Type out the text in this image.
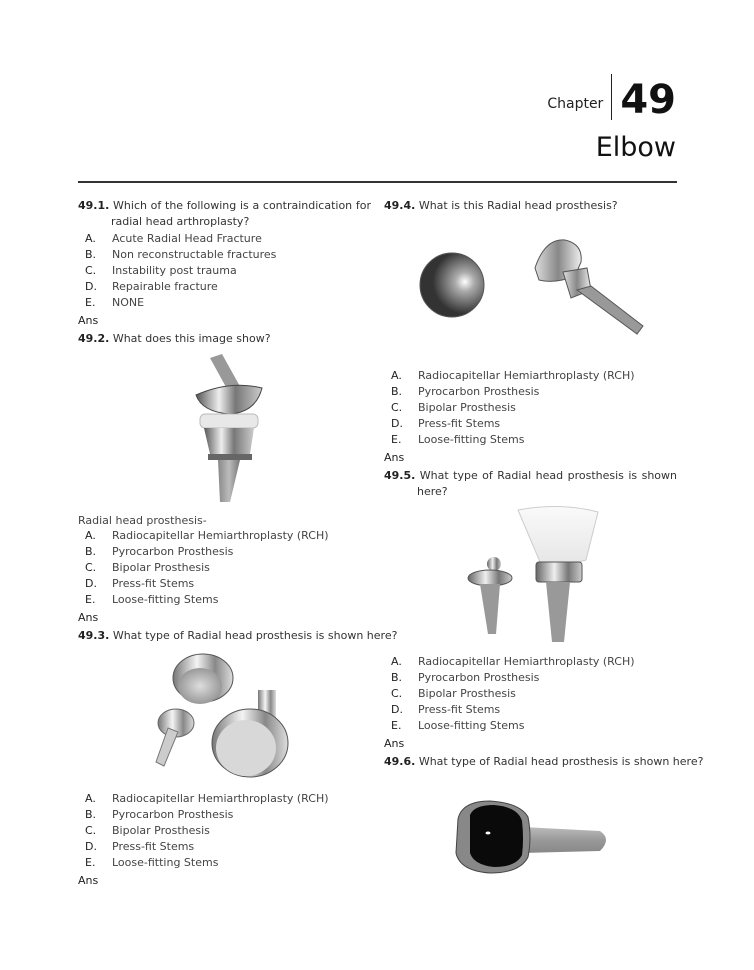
Chapter 49
Elbow
49.1. Which of the following is a contraindication for
radial head arthroplasty?
A.	Acute Radial Head Fracture
B.	Non reconstructable fractures
C.	Instability post trauma
D.	Repairable fracture
E.	NONE
Ans
49.2. What does this image show?
Radial head prosthesis-
A.	Radiocapitellar Hemiarthroplasty (RCH)
B.	Pyrocarbon Prosthesis
C.	Bipolar Prosthesis
D.	Press-fit Stems
E.	Loose-fitting Stems
Ans
49.3. What type of Radial head prosthesis is shown here?
A.	Radiocapitellar Hemiarthroplasty (RCH)
B.	Pyrocarbon Prosthesis
C.	Bipolar Prosthesis
D.	Press-fit Stems
E.	Loose-fitting Stems
Ans
49.4. What is this Radial head prosthesis?
A.	Radiocapitellar Hemiarthroplasty (RCH)
B.	Pyrocarbon Prosthesis
C.	Bipolar Prosthesis
D.	Press-fit Stems
E.	Loose-fitting Stems
Ans
49.5. What type of Radial head prosthesis is shown
here?
A.	Radiocapitellar Hemiarthroplasty (RCH)
B.	Pyrocarbon Prosthesis
C.	Bipolar Prosthesis
D.	Press-fit Stems
E.	Loose-fitting Stems
Ans
49.6. What type of Radial head prosthesis is shown here?
